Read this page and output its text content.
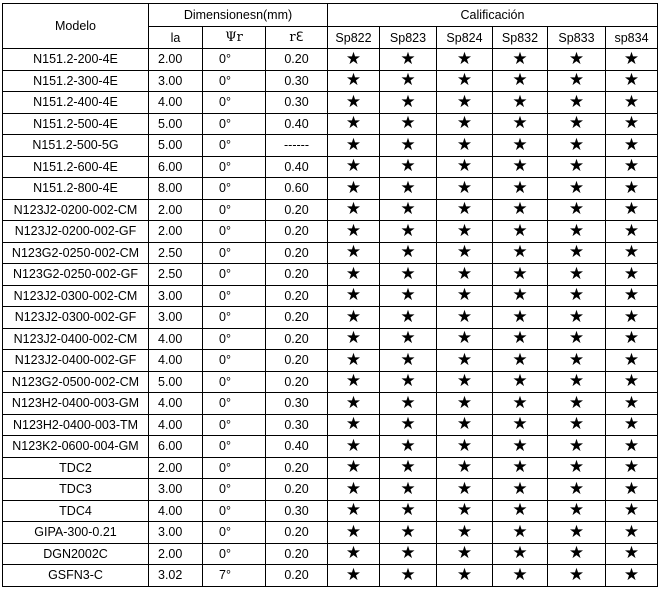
Modelo	Dimensionesn(mm)			Calificación					
	la	Ψr	rℇ	Sp822	Sp823	Sp824	Sp832	Sp833	sp834
N151.2-200-4E	2.00	0°	0.20	★	★	★	★	★	★
N151.2-300-4E	3.00	0°	0.30	★	★	★	★	★	★
N151.2-400-4E	4.00	0°	0.30	★	★	★	★	★	★
N151.2-500-4E	5.00	0°	0.40	★	★	★	★	★	★
N151.2-500-5G	5.00	0°	------	★	★	★	★	★	★
N151.2-600-4E	6.00	0°	0.40	★	★	★	★	★	★
N151.2-800-4E	8.00	0°	0.60	★	★	★	★	★	★
N123J2-0200-002-CM	2.00	0°	0.20	★	★	★	★	★	★
N123J2-0200-002-GF	2.00	0°	0.20	★	★	★	★	★	★
N123G2-0250-002-CM	2.50	0°	0.20	★	★	★	★	★	★
N123G2-0250-002-GF	2.50	0°	0.20	★	★	★	★	★	★
N123J2-0300-002-CM	3.00	0°	0.20	★	★	★	★	★	★
N123J2-0300-002-GF	3.00	0°	0.20	★	★	★	★	★	★
N123J2-0400-002-CM	4.00	0°	0.20	★	★	★	★	★	★
N123J2-0400-002-GF	4.00	0°	0.20	★	★	★	★	★	★
N123G2-0500-002-CM	5.00	0°	0.20	★	★	★	★	★	★
N123H2-0400-003-GM	4.00	0°	0.30	★	★	★	★	★	★
N123H2-0400-003-TM	4.00	0°	0.30	★	★	★	★	★	★
N123K2-0600-004-GM	6.00	0°	0.40	★	★	★	★	★	★
TDC2	2.00	0°	0.20	★	★	★	★	★	★
TDC3	3.00	0°	0.20	★	★	★	★	★	★
TDC4	4.00	0°	0.30	★	★	★	★	★	★
GIPA-300-0.21	3.00	0°	0.20	★	★	★	★	★	★
DGN2002C	2.00	0°	0.20	★	★	★	★	★	★
GSFN3-C	3.02	7°	0.20	★	★	★	★	★	★
